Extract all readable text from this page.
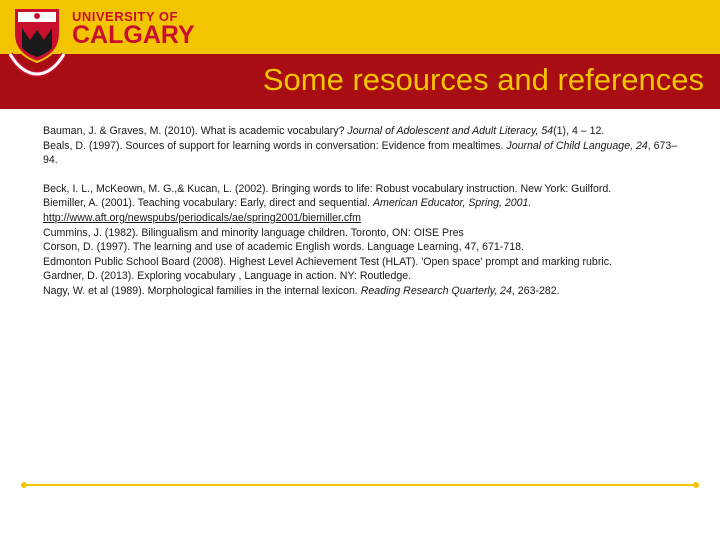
UNIVERSITY OF
CALGARY
Some resources and references

Bauman, J. & Graves, M. (2010). What is academic vocabulary? Journal of Adolescent and Adult Literacy, 54(1), 4 – 12.

Beals, D. (1997). Sources of support for learning words in conversation: Evidence from mealtimes. Journal of Child Language, 24, 673–94.

Beck, I. L., McKeown, M. G.,& Kucan, L. (2002). Bringing words to life: Robust vocabulary instruction. New York: Guilford.

Biemiller, A. (2001). Teaching vocabulary: Early, direct and sequential. American Educator, Spring, 2001.

http://www.aft.org/newspubs/periodicals/ae/spring2001/biemiller.cfm

Cummins, J. (1982). Bilingualism and minority language children. Toronto, ON: OISE Pres

Corson, D. (1997). The learning and use of academic English words. Language Learning, 47, 671-718.

Edmonton Public School Board (2008). Highest Level Achievement Test (HLAT). 'Open space' prompt and marking rubric.

Gardner, D. (2013). Exploring vocabulary , Language in action. NY: Routledge.

Nagy, W. et al (1989). Morphological families in the internal lexicon. Reading Research Quarterly, 24, 263-282.
